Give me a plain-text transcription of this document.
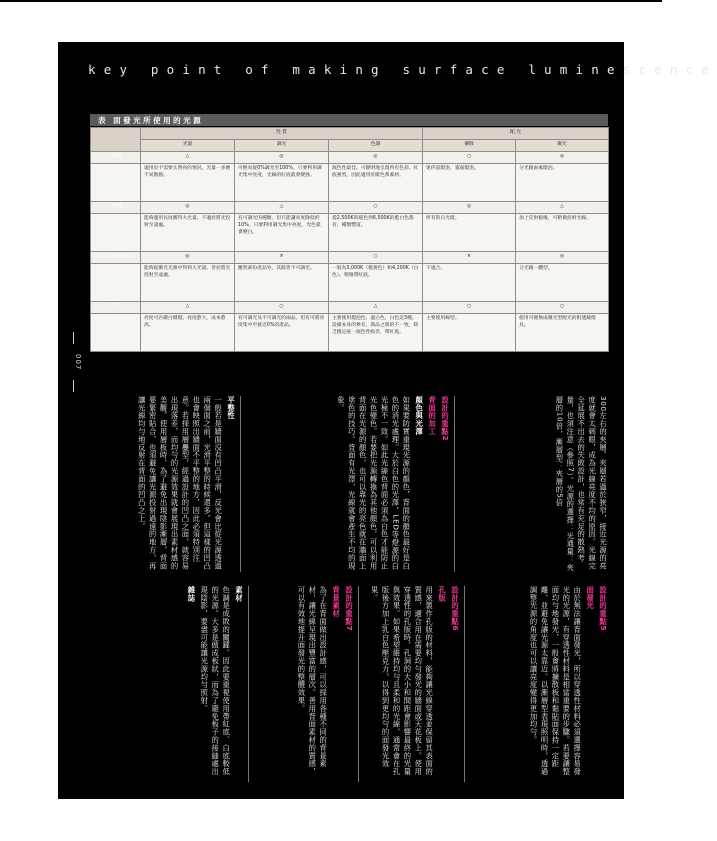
key point of making surface luminescence
007
表 面發光所使用的光源
	性 質			配 光	
	光量	調光	色調	擴散	聚光
白熾燈	△	◎	◎	○	◎
	適用於不需要太明亮的情況。光量一多便不易散熱。	可輕易從0%調光至100%。只要利用調光集中亮度，光線的紅底就會變強。	演色性最佳。可靜明地呈現所有色彩。紅底強烈，因此適用於暖色系素材。	迷你氪燈泡、霧面燈泡。	分光鏡鹵素燈泡。
日光燈	◎	△	○	◎	△
	能夠運用長度獲得大光量。不適於將光投射至遠處。	有可調光的種類，但只能讓亮度降低約10%。只要利用調光集中亮度，光色就會變白。	從2,500K的暖色到6,500K的藍白色都有，種類豐富。	所有的日光燈。	加上反射板後，可稍微投射光線。
小型金屬鹵素燈泡	◎	×	○	×	◎
	能夠從聚光光源中得到大光量。善於將光投射至遠處。	雖然部份產品外，其餘皆不可調光。	一般為3,000K（橙黃色）和4,200K（白色）。稍微帶紅底。	不適合。	分光鏡一體型。
LED	△	○	△	○	○
	亮度可匹敵白熾燈。亮度愈大，成本愈高。	有可調光及不可調光的兩品。但有可將亮度集中至接近0%的產品。	主要使用燈泡色、溫白色、白色這3種。設備本身的參差，商品之間的不一致，缺乏穩定統一演色性較差，帶紅底。	主要使用線型。	使用可變換成聚光型配光的附透鏡燈具。

300左右的夾層。夾層若過於狹窄，接近光源的亮度就會太刺眼，成為光線亮度不均的原因。光線完全延展不出去的失敗設計，也常有充足的散熱考量，也須注意（參照7）。光源的選擇：光通量：夾層的10倍，漸層型：夾層的5倍

設計的重點2

背面的加工

顏色與光澤

如果要防實重現光源的顏色，背面的顏色最好是白色的消光處理。大於白色的光澤，LED等燈源的白光極不一致。如此光線色背面必須為白色才能防止光色變色。若要把光源轉換為其他顏色，可以利用背面在光源的顏色，也可以靠光的亮色就在牆面上塗色的技巧。背面有光澤，光線就會產生不均的現象。

平整性

一般若是牆面沒有凹凸平滑，反光會比從光源透過兩個面之前，光滑平整的時候還多。但這樣的凹凸也會映照出牆面不平整的地方，因此必須特別注意。若採用層疊型，經過設計的凹凸之面，就容易出現落差，而均勻的光源效果就會展現出素材感的美觀。使用層板時，為了避免出現陰影漸層，背面要緊密貼合，也須避免讓光源投射過遠的地方，再讓光線均勻地反射在背面的凹凸之上。

設計的重點5

面發光

由於無法讓背面發光，所以穿透性材料必須選擇容易發光的光源，有穿透性材料是相當重要的步驟。若要讓整面均勻地發光，一般會將擴散板和黏貼面保持一定距離，並避免讓光源太靠近。以漸層型表現照明時，透過調整光源的角度也可以讓亮度變得更加均勻。

設計的重點6

孔版

用來製作孔版的材料，能夠讓光線穿透並保留其表面的質感，適合用在需要均勻發光的牆面或天花板上。使用穿透性的孔版時，孔洞的大小和間距會影響最終的光量與效果。如果希望維持均勻且柔和的光線，通常會在孔版後方加上乳白色壓克力，以得到更均勻的面發光效果。

設計的重點7

背景素材

為了在背面做出設計感，可以採用各種不同的背景素材，讓光線呈現出豐富的層次。善用背面素材的質感，可以有效地提升面發光的整體效果。

素材

色調是成敗的關鍵。因此要重視使用帶紅底、白底較低的光源。大多是做成板狀，而為了避免板子的接縫處出現陰影，要盡可能讓光源均勻照射。

雜誌

設計的重點3

漫射的黏貼面

最後呈現出來的感覺，會隨擴散的黏貼面不同而有所差異。由於容易呈現光源不均，設計擴散板時要考慮光源與材料的距離，並且選擇適當的方式。

點狀型

可如實呈現漫射的設計感，但如果貼在入手可觸及的地方，就容易沾上手紋或刮傷。

點狀反面

可維持品質，但因為穿透光線比較少，所以透明度會較差。使用點狀反面時，背面材質的凹凸很容易被映照出來。另外，發光面的亮度會降低，表面較容易透。

設計的重點4

遮光

設計須在漫射型面的遮光上下功夫，發光時，請務必要確認光源的遮光性。光線漏出，可能會讓整體的美觀大打折扣。材料的邊框、導光板邊緣的透光性如何，以及漫射型面與牆面等相接的部份，都需要仔細確認。若是希望遮住光源不均的問題，可以在光源與擴散板之間加上遮光材料。使用漫射型面時，除了要注意光源不均的問題，也要把光源外露和漏光的部份都遮蔽起來。
